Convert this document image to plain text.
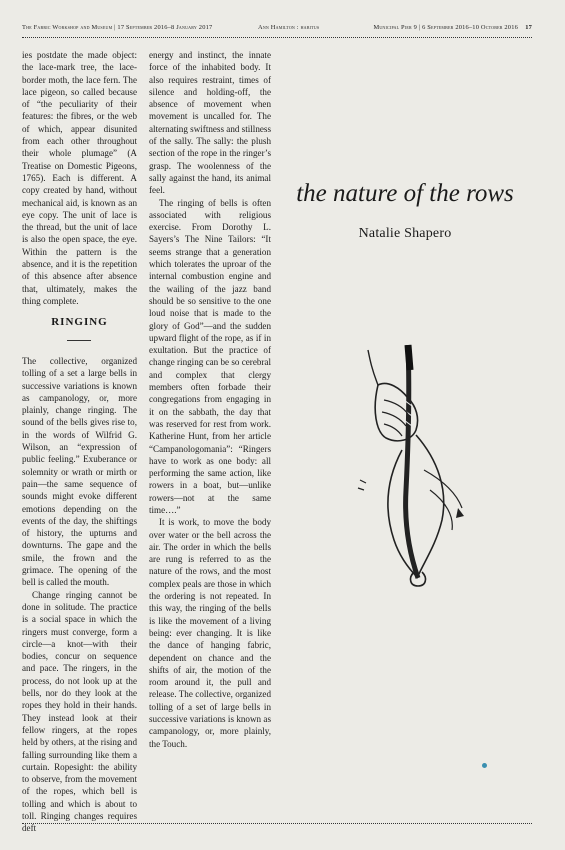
The Fabric Workshop and Museum | 17 September 2016–8 January 2017	Ann Hamilton : habitus	Municipal Pier 9 | 6 September 2016–10 October 2016 17

ies postdate the made object: the lace-mark tree, the lace-border moth, the lace fern. The lace pigeon, so called because of “the peculiarity of their features: the fibres, or the web of which, appear disunited from each other throughout their whole plumage” (A Treatise on Domestic Pigeons, 1765). Each is different. A copy created by hand, without mechanical aid, is known as an eye copy. The unit of lace is the thread, but the unit of lace is also the open space, the eye. Within the pattern is the absence, and it is the repetition of this absence after absence that, ultimately, makes the thing complete.

RINGING

The collective, organized tolling of a set a large bells in successive variations is known as campanology, or, more plainly, change ringing. The sound of the bells gives rise to, in the words of Wilfrid G. Wilson, an “expression of public feeling.” Exuberance or solemnity or wrath or mirth or pain—the same sequence of sounds might evoke different emotions depending on the events of the day, the shiftings of history, the upturns and downturns. The gape and the smile, the frown and the grimace. The opening of the bell is called the mouth.

Change ringing cannot be done in solitude. The practice is a social space in which the ringers must converge, form a circle—a knot—with their bodies, concur on sequence and pace. The ringers, in the process, do not look up at the bells, nor do they look at the ropes they hold in their hands. They instead look at their fellow ringers, at the ropes held by others, at the rising and falling surrounding like them a curtain. Ropesight: the ability to observe, from the movement of the ropes, which bell is tolling and which is about to toll. Ringing changes requires deft

energy and instinct, the innate force of the inhabited body. It also requires restraint, times of silence and holding-off, the absence of movement when movement is uncalled for. The alternating swiftness and stillness of the sally. The sally: the plush section of the rope in the ringer’s grasp. The woolenness of the sally against the hand, its animal feel.

The ringing of bells is often associated with religious exercise. From Dorothy L. Sayers’s The Nine Tailors: “It seems strange that a generation which tolerates the uproar of the internal combustion engine and the wailing of the jazz band should be so sensitive to the one loud noise that is made to the glory of God”—and the sudden upward flight of the rope, as if in exultation. But the practice of change ringing can be so cerebral and complex that clergy members often forbade their congregations from engaging in it on the sabbath, the day that was reserved for rest from work. Katherine Hunt, from her article “Campanologomania”: “Ringers have to work as one body: all performing the same action, like rowers in a boat, but—unlike rowers—not at the same time….”

It is work, to move the body over water or the bell across the air. The order in which the bells are rung is referred to as the nature of the rows, and the most complex peals are those in which the ordering is not repeated. In this way, the ringing of the bells is like the movement of a living being: ever changing. It is like the dance of hanging fabric, dependent on chance and the shifts of air, the motion of the room around it, the pull and release. The collective, organized tolling of a set of large bells in successive variations is known as campanology, or, more plainly, the Touch.

the nature of the rows
Natalie Shapero
